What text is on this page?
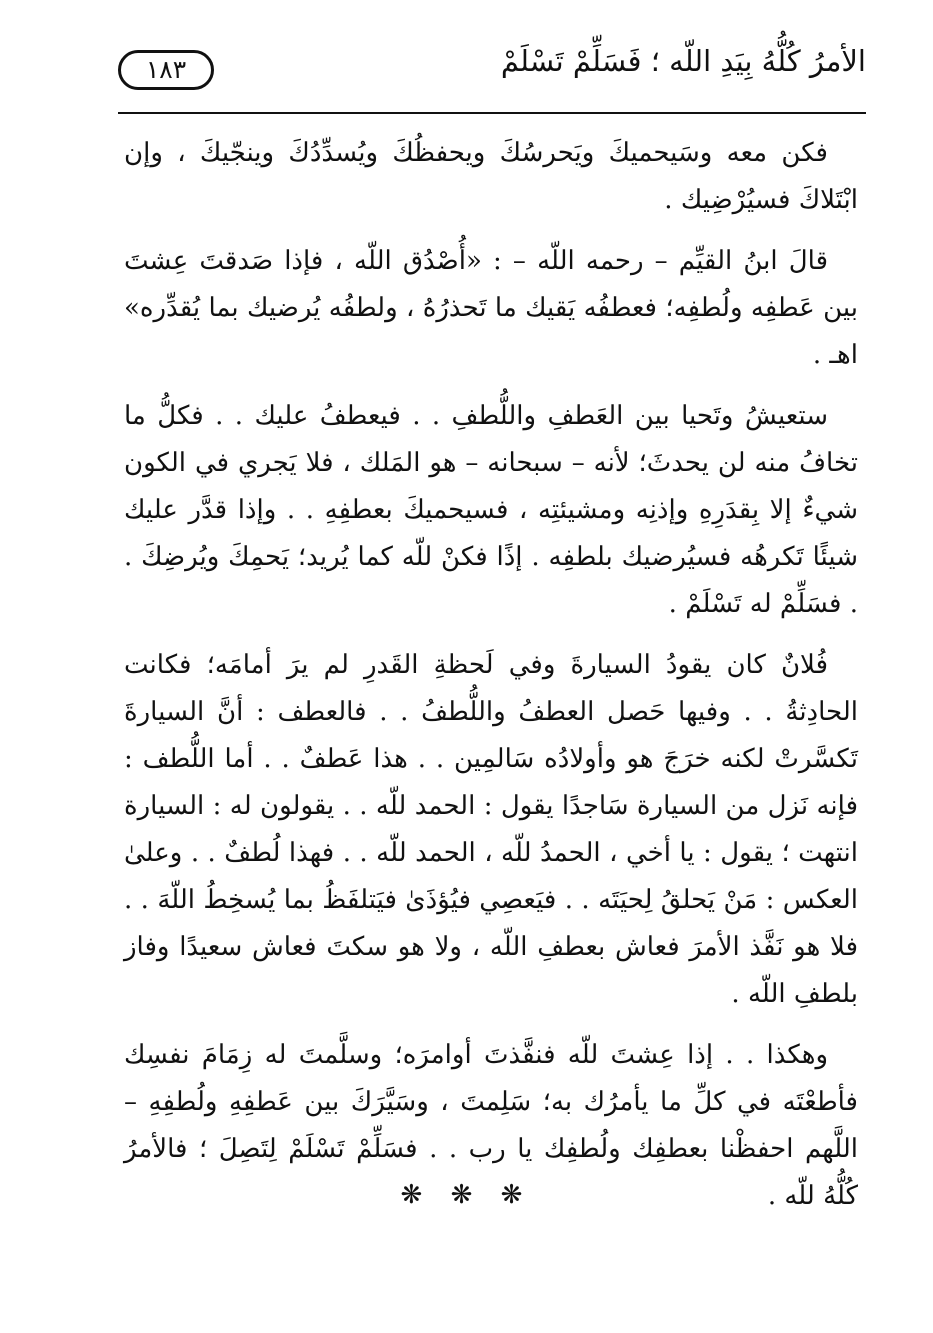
الأمرُ كُلُّهُ بِيَدِ اللّه ؛ فَسَلِّمْ تَسْلَمْ
١٨٣

فكن معه وسَيحميكَ ويَحرسُكَ ويحفظُكَ ويُسدِّدُكَ وينجّيكَ ، وإن ابْتَلاكَ فسيُرْضِيك .

قالَ ابنُ القيِّم – رحمه اللّه – : «أُصْدُق اللّه ، فإذا صَدقتَ عِشتَ بين عَطفِه ولُطفِه؛ فعطفُه يَقيك ما تَحذرُهُ ، ولطفُه يُرضيك بما يُقدِّره» اهـ .

ستعيشُ وتَحيا بين العَطفِ واللُّطفِ . . فيعطفُ عليك . . فكلُّ ما تخافُ منه لن يحدثَ؛ لأنه – سبحانه – هو المَلك ، فلا يَجري في الكون شيءٌ إلا بِقدَرِهِ وإذنِه ومشيئتِه ، فسيحميكَ بعطفِهِ . . وإذا قدَّر عليك شيئًا تَكرهُه فسيُرضيك بلطفِه . إذًا فكنْ للّه كما يُريد؛ يَحمِكَ ويُرضِكَ . . فسَلِّمْ له تَسْلَمْ .

فُلانٌ كان يقودُ السيارةَ وفي لَحظةِ القَدرِ لم يرَ أمامَه؛ فكانت الحادِثةُ . . وفيها حَصل العطفُ واللُّطفُ . . فالعطف : أنَّ السيارةَ تَكسَّرتْ لكنه خرَجَ هو وأولادُه سَالمِين . . هذا عَطفٌ . . أما اللُّطف : فإنه نَزل من السيارة سَاجدًا يقول : الحمد للّه . . يقولون له : السيارة انتهت ؛ يقول : يا أخي ، الحمدُ للّه ، الحمد للّه . . فهذا لُطفٌ . . وعلىٰ العكس : مَنْ يَحلقُ لِحيَتَه . . فيَعصِي فيُؤذَىٰ فيَتلفَظُ بما يُسخِطُ اللّهَ . . فلا هو نَفَّذ الأمرَ فعاش بعطفِ اللّه ، ولا هو سكتَ فعاش سعيدًا وفاز بلطفِ اللّه .

وهكذا . . إذا عِشتَ للّه فنفَّذتَ أوامرَه؛ وسلَّمتَ له زِمَامَ نفسِك فأطعْتَه في كلِّ ما يأمرُك به؛ سَلِمتَ ، وسَيَّرَكَ بين عَطفِهِ ولُطفِهِ – اللَّهم احفظْنا بعطفِك ولُطفِك يا رب . . فسَلِّمْ تَسْلَمْ لِتَصِلَ ؛ فالأمرُ كُلُّهُ للّه .

❋ ❋ ❋
